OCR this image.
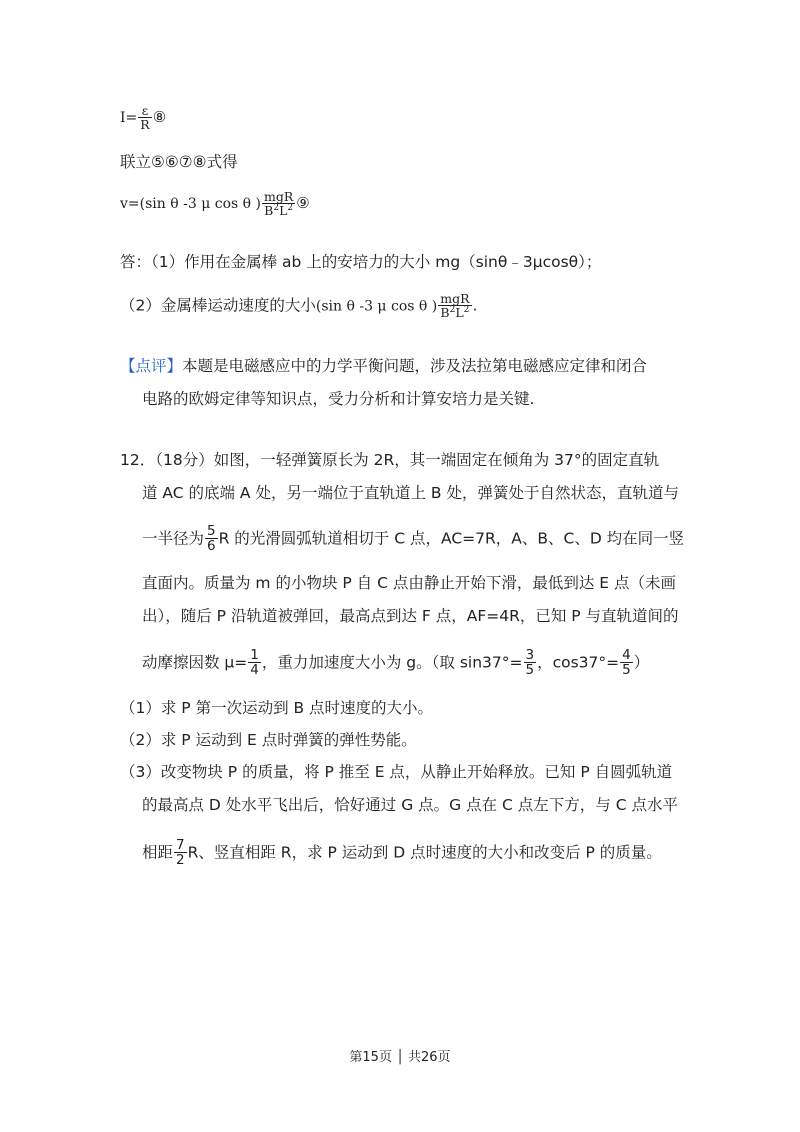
$I= \frac{\varepsilon}{R}$ ⑧
联立⑤⑥⑦⑧式得
v=(sin θ -3 μ cos θ ) $\frac{\text{mgR}}{B^2L^2}$ ⑨
答：（1）作用在金属棒 ab 上的安培力的大小 mg（sinθ﹣3μcosθ）；
（2）金属棒运动速度的大小(sin θ -3 μ cos θ ) $\frac{\text{mgR}}{B^2L^2}$ .
【点评】本题是电磁感应中的力学平衡问题，涉及法拉第电磁感应定律和闭合
电路的欧姆定律等知识点，受力分析和计算安培力是关键.
12．（18分）如图，一轻弹簧原长为 2R，其一端固定在倾角为 37°的固定直轨
道 AC 的底端 A 处，另一端位于直轨道上 B 处，弹簧处于自然状态，直轨道与
一半径为 $\frac{5}{6}$ R 的光滑圆弧轨道相切于 C 点，AC=7R，A、B、C、D 均在同一竖
直面内。质量为 m 的小物块 P 自 C 点由静止开始下滑，最低到达 E 点（未画
出），随后 P 沿轨道被弹回，最高点到达 F 点，AF=4R，已知 P 与直轨道间的
动摩擦因数 $\mu= \frac{1}{4}$ ，重力加速度大小为 g。（取 $\sin 37^\circ= \frac{3}{5}$ ，$\cos 37^\circ= \frac{4}{5}$ ）
（1）求 P 第一次运动到 B 点时速度的大小。
（2）求 P 运动到 E 点时弹簧的弹性势能。
（3）改变物块 P 的质量，将 P 推至 E 点，从静止开始释放。已知 P 自圆弧轨道
的最高点 D 处水平飞出后，恰好通过 G 点。G 点在 C 点左下方，与 C 点水平
相距 $\frac{7}{2}$ R、竖直相距 R，求 P 运动到 D 点时速度的大小和改变后 P 的质量。
第15页 │ 共26页
